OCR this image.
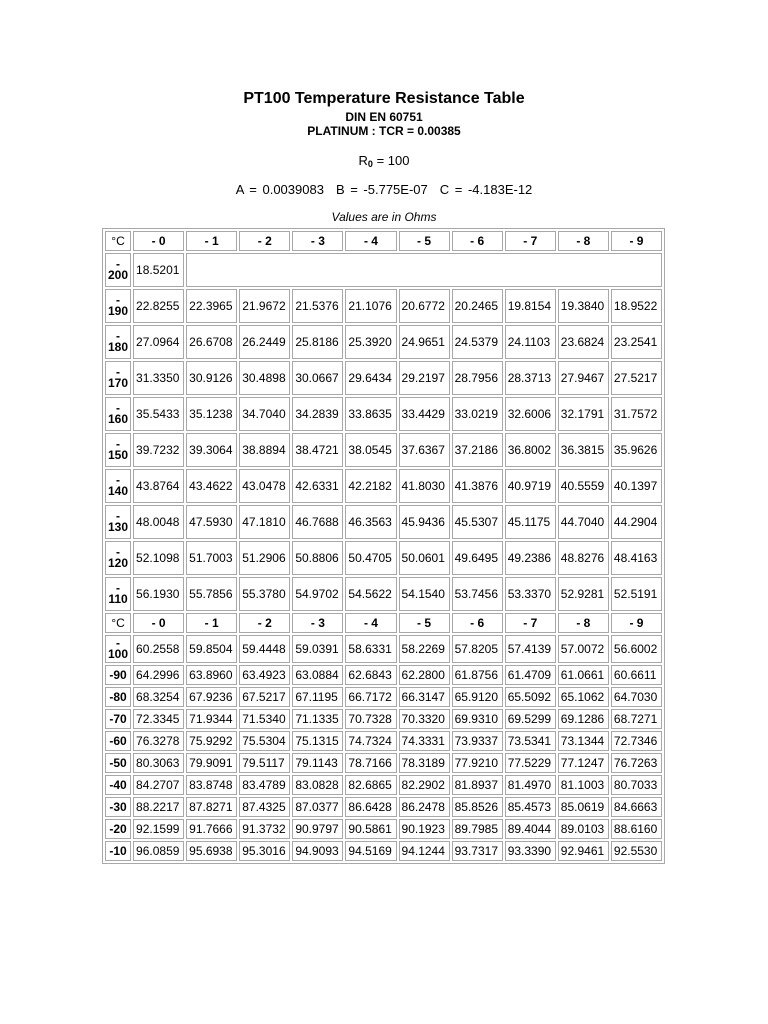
PT100 Temperature Resistance Table
DIN EN 60751
PLATINUM : TCR = 0.00385
$R_0 = 100$
A = 0.0039083 B = -5.775E-07 C = -4.183E-12
Values are in Ohms
°C	- 0	- 1	- 2	- 3	- 4	- 5	- 6	- 7	- 8	- 9

-
200	18.5201									

-
190	22.8255	22.3965	21.9672	21.5376	21.1076	20.6772	20.2465	19.8154	19.3840	18.9522

-
180	27.0964	26.6708	26.2449	25.8186	25.3920	24.9651	24.5379	24.1103	23.6824	23.2541

-
170	31.3350	30.9126	30.4898	30.0667	29.6434	29.2197	28.7956	28.3713	27.9467	27.5217

-
160	35.5433	35.1238	34.7040	34.2839	33.8635	33.4429	33.0219	32.6006	32.1791	31.7572

-
150	39.7232	39.3064	38.8894	38.4721	38.0545	37.6367	37.2186	36.8002	36.3815	35.9626

-
140	43.8764	43.4622	43.0478	42.6331	42.2182	41.8030	41.3876	40.9719	40.5559	40.1397

-
130	48.0048	47.5930	47.1810	46.7688	46.3563	45.9436	45.5307	45.1175	44.7040	44.2904

-
120	52.1098	51.7003	51.2906	50.8806	50.4705	50.0601	49.6495	49.2386	48.8276	48.4163

-
110	56.1930	55.7856	55.3780	54.9702	54.5622	54.1540	53.7456	53.3370	52.9281	52.5191
°C	- 0	- 1	- 2	- 3	- 4	- 5	- 6	- 7	- 8	- 9

-
100	60.2558	59.8504	59.4448	59.0391	58.6331	58.2269	57.8205	57.4139	57.0072	56.6002
-90	64.2996	63.8960	63.4923	63.0884	62.6843	62.2800	61.8756	61.4709	61.0661	60.6611
-80	68.3254	67.9236	67.5217	67.1195	66.7172	66.3147	65.9120	65.5092	65.1062	64.7030
-70	72.3345	71.9344	71.5340	71.1335	70.7328	70.3320	69.9310	69.5299	69.1286	68.7271
-60	76.3278	75.9292	75.5304	75.1315	74.7324	74.3331	73.9337	73.5341	73.1344	72.7346
-50	80.3063	79.9091	79.5117	79.1143	78.7166	78.3189	77.9210	77.5229	77.1247	76.7263
-40	84.2707	83.8748	83.4789	83.0828	82.6865	82.2902	81.8937	81.4970	81.1003	80.7033
-30	88.2217	87.8271	87.4325	87.0377	86.6428	86.2478	85.8526	85.4573	85.0619	84.6663
-20	92.1599	91.7666	91.3732	90.9797	90.5861	90.1923	89.7985	89.4044	89.0103	88.6160
-10	96.0859	95.6938	95.3016	94.9093	94.5169	94.1244	93.7317	93.3390	92.9461	92.5530
